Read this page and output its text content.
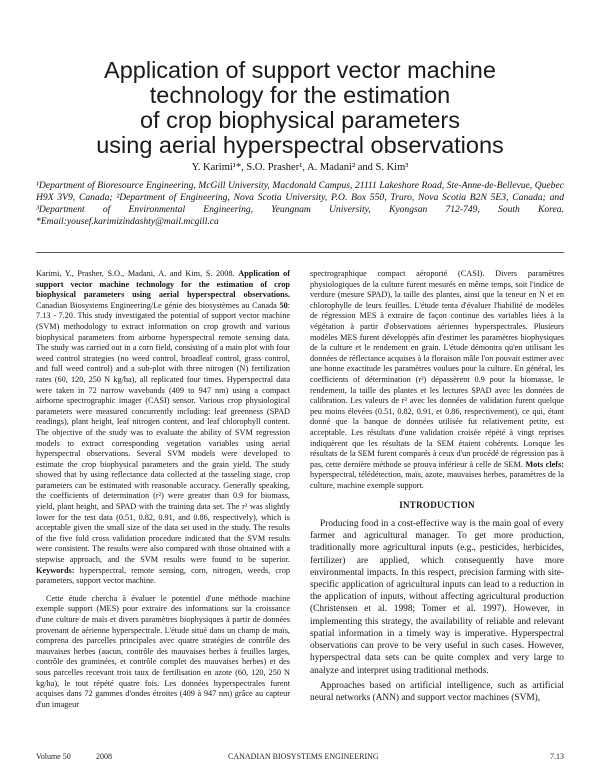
Application of support vector machine
technology for the estimation
of crop biophysical parameters
using aerial hyperspectral observations
Y. Karimi¹*, S.O. Prasher¹, A. Madani² and S. Kim³
¹Department of Bioresource Engineering, McGill University, Macdonald Campus, 21111 Lakeshore Road, Ste-Anne-de-Bellevue, Quebec H9X 3V9, Canada; ²Department of Engineering, Nova Scotia University, P.O. Box 550, Truro, Nova Scotia B2N 5E3, Canada; and ³Department of Environmental Engineering, Yeungnam University, Kyongsan 712-749, South Korea. *Email:yousef.karimizindashty@mail.mcgill.ca

Karimi, Y., Prasher, S.O., Madani, A. and Kim, S. 2008. Application of support vector machine technology for the estimation of crop biophysical parameters using aerial hyperspectral observations. Canadian Biosystems Engineering/Le génie des biosystèmes au Canada 50: 7.13 - 7.20. This study investigated the potential of support vector machine (SVM) methodology to extract information on crop growth and various biophysical parameters from airborne hyperspectral remote sensing data. The study was carried out in a corn field, consisting of a main plot with four weed control strategies (no weed control, broadleaf control, grass control, and full weed control) and a sub-plot with three nitrogen (N) fertilization rates (60, 120, 250 N kg/ha), all replicated four times. Hyperspectral data were taken in 72 narrow wavebands (409 to 947 nm) using a compact airborne spectrographic imager (CASI) sensor. Various crop physiological parameters were measured concurrently including: leaf greenness (SPAD readings), plant height, leaf nitrogen content, and leaf chlorophyll content. The objective of the study was to evaluate the ability of SVM regression models to extract corresponding vegetation variables using aerial hyperspectral observations. Several SVM models were developed to estimate the crop biophysical parameters and the grain yield. The study showed that by using reflectance data collected at the tasseling stage, crop parameters can be estimated with reasonable accuracy. Generally speaking, the coefficients of determination (r²) were greater than 0.9 for biomass, yield, plant height, and SPAD with the training data set. The r² was slightly lower for the test data (0.51, 0.82, 0.91, and 0.86, respectively), which is acceptable given the small size of the data set used in the study. The results of the five fold cross validation procedure indicated that the SVM results were consistent. The results were also compared with those obtained with a stepwise approach, and the SVM results were found to be superior. Keywords: hyperspectral, remote sensing, corn, nitrogen, weeds, crop parameters, support vector machine.

Cette étude chercha à évaluer le potentiel d'une méthode machine exemple support (MES) pour extraire des informations sur la croissance d'une culture de maïs et divers paramètres biophysiques à partir de données provenant de aérienne hyperspectrale. L'étude situé dans un champ de maïs, comprena des parcelles principales avec quatre stratégies de contrôle des mauvaises herbes (aucun, contrôle des mauvaises herbes à feuilles larges, contrôle des graminées, et contrôle complet des mauvaises herbes) et des sous parcelles recevant trois taux de fertilisation en azote (60, 120, 250 N kg/ha), le tout répété quatre fois. Les données hyperspectrales furent acquises dans 72 gammes d'ondes étroites (409 à 947 nm) grâce au capteur d'un imageur

spectrographique compact aéroporté (CASI). Divers paramètres physiologiques de la culture furent mesurés en même temps, soit l'indice de verdure (mesure SPAD), la taille des plantes, ainsi que la teneur en N et en chlorophylle de leurs feuilles. L'étude tenta d'évaluer l'habilité de modèles de régression MES à extraire de façon continue des variables liées à la végétation à partir d'observations aériennes hyperspectrales. Plusieurs modèles MES furent développés afin d'estimer les paramètres biophysiques de la culture et le rendement en grain. L'étude démontra qu'en utilisant les données de réflectance acquises à la floraison mâle l'on pouvait estimer avec une bonne exactitude les paramètres voulues pour la culture. En général, les coefficients of détermination (r²) dépassèrent 0.9 pour la biomasse, le rendement, la taille des plantes et les lectures SPAD avec les données de calibration. Les valeurs de r² avec les données de validation furent quelque peu moins élevées (0.51, 0.82, 0.91, et 0.86, respectivement), ce qui, étant donné que la banque de données utilisée fut relativement petite, est acceptable. Les résultats d'une validation croisée répété à vingt reprises indiquèrent que les résultats de la SEM étaient cohérents. Lorsque les résultats de la SEM furent comparés à ceux d'un procédé de régression pas à pas, cette dernière méthode se prouva inférieur à celle de SEM. Mots clefs: hyperspectral, télédétection, maïs, azote, mauvaises herbes, paramètres de la culture, machine exemple support.

INTRODUCTION

Producing food in a cost-effective way is the main goal of every farmer and agricultural manager. To get more production, traditionally more agricultural inputs (e.g., pesticides, herbicides, fertilizer) are applied, which consequently have more environmental impacts. In this respect, precision farming with site-specific application of agricultural inputs can lead to a reduction in the application of inputs, without affecting agricultural production (Christensen et al. 1998; Tomer et al. 1997). However, in implementing this strategy, the availability of reliable and relevant spatial information in a timely way is imperative. Hyperspectral observations can prove to be very useful in such cases. However, hyperspectral data sets can be quite complex and very large to analyze and interpret using traditional methods.

Approaches based on artificial intelligence, such as artificial neural networks (ANN) and support vector machines (SVM),

Volume 50	2008	CANADIAN BIOSYSTEMS ENGINEERING	7.13
